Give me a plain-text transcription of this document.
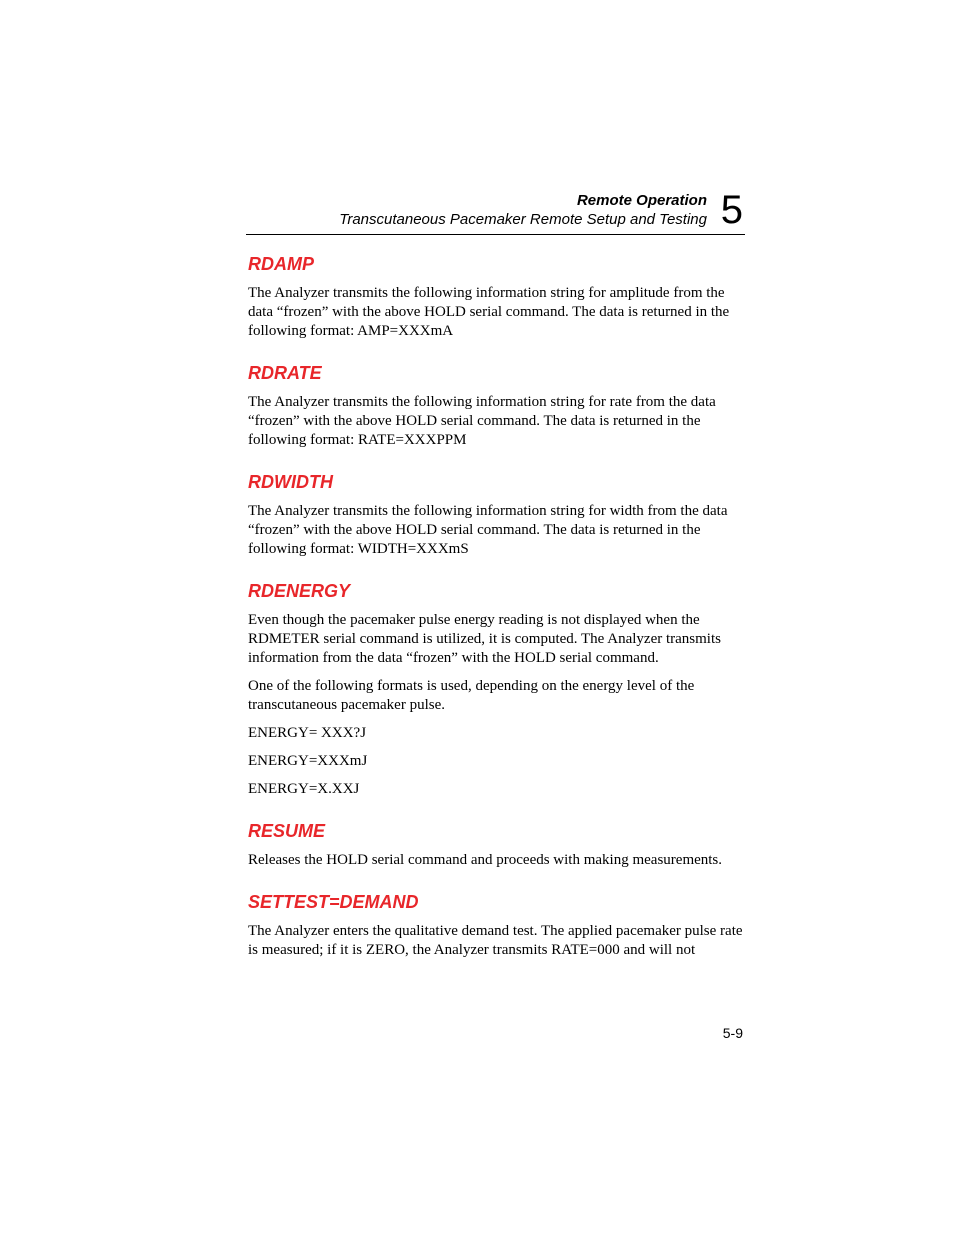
Remote Operation
Transcutaneous Pacemaker Remote Setup and Testing 5
RDAMP

The Analyzer transmits the following information string for amplitude from the data “frozen” with the above HOLD serial command. The data is returned in the following format: AMP=XXXmA

RDRATE

The Analyzer transmits the following information string for rate from the data “frozen” with the above HOLD serial command. The data is returned in the following format: RATE=XXXPPM

RDWIDTH

The Analyzer transmits the following information string for width from the data “frozen” with the above HOLD serial command. The data is returned in the following format: WIDTH=XXXmS

RDENERGY

Even though the pacemaker pulse energy reading is not displayed when the RDMETER serial command is utilized, it is computed. The Analyzer transmits information from the data “frozen” with the HOLD serial command.

One of the following formats is used, depending on the energy level of the transcutaneous pacemaker pulse.

ENERGY= XXX?J

ENERGY=XXXmJ

ENERGY=X.XXJ

RESUME

Releases the HOLD serial command and proceeds with making measurements.

SETTEST=DEMAND

The Analyzer enters the qualitative demand test. The applied pacemaker pulse rate is measured; if it is ZERO, the Analyzer transmits RATE=000 and will not

5-9
